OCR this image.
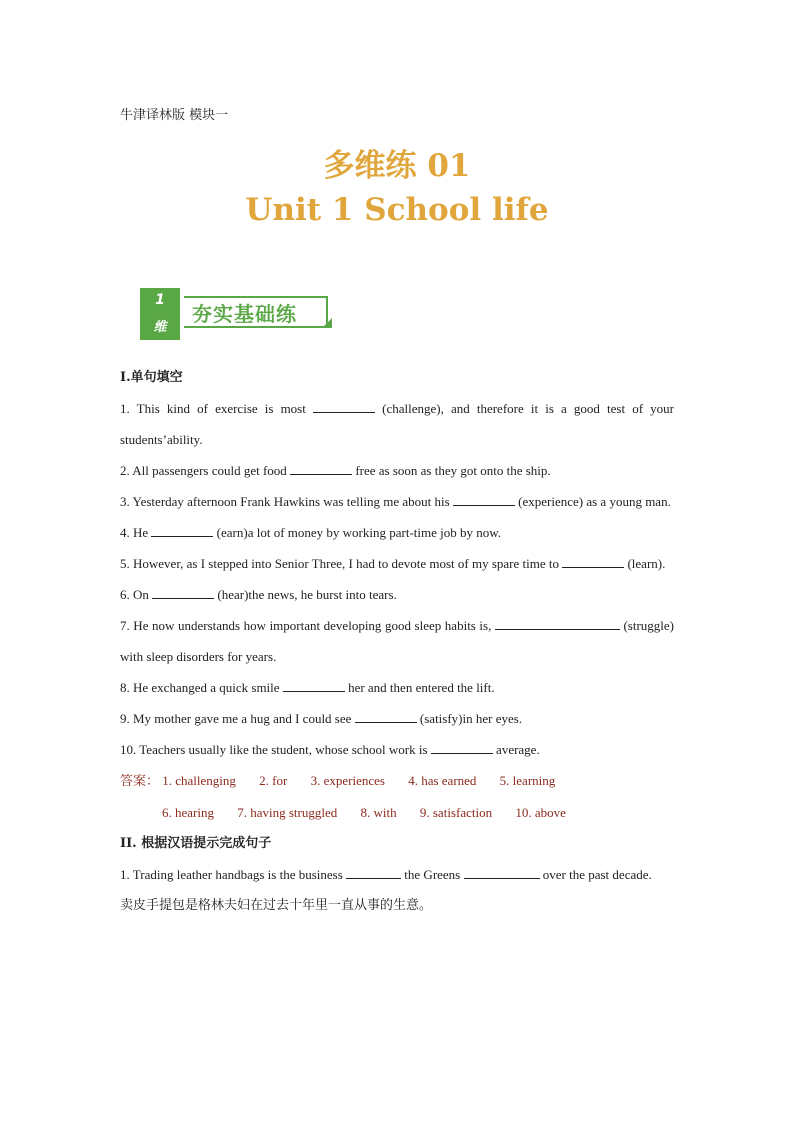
牛津译林版 模块一
多维练 01
Unit 1 School life
1
维
夯实基础练
I.单句填空
1. This kind of exercise is most	(challenge), and therefore it is a good test of your students’ability.
2. All passengers could get food	free as soon as they got onto the ship.
3. Yesterday afternoon Frank Hawkins was telling me about his	(experience) as a young man.
4. He	(earn)a lot of money by working part-time job by now.
5. However, as I stepped into Senior Three, I had to devote most of my spare time to	(learn).
6. On	(hear)the news, he burst into tears.
7. He now understands how important developing good sleep habits is,	(struggle) with sleep disorders for years.
8. He exchanged a quick smile	her and then entered the lift.
9. My mother gave me a hug and I could see	(satisfy)in her eyes.
10. Teachers usually like the student, whose school work is	average.
答案： 1. challenging 2. for 3. experiences 4. has earned 5. learning
6. hearing 7. having struggled 8. with 9. satisfaction 10. above
II. 根据汉语提示完成句子
1. Trading leather handbags is the business	the Greens	over the past decade.
卖皮手提包是格林夫妇在过去十年里一直从事的生意。
